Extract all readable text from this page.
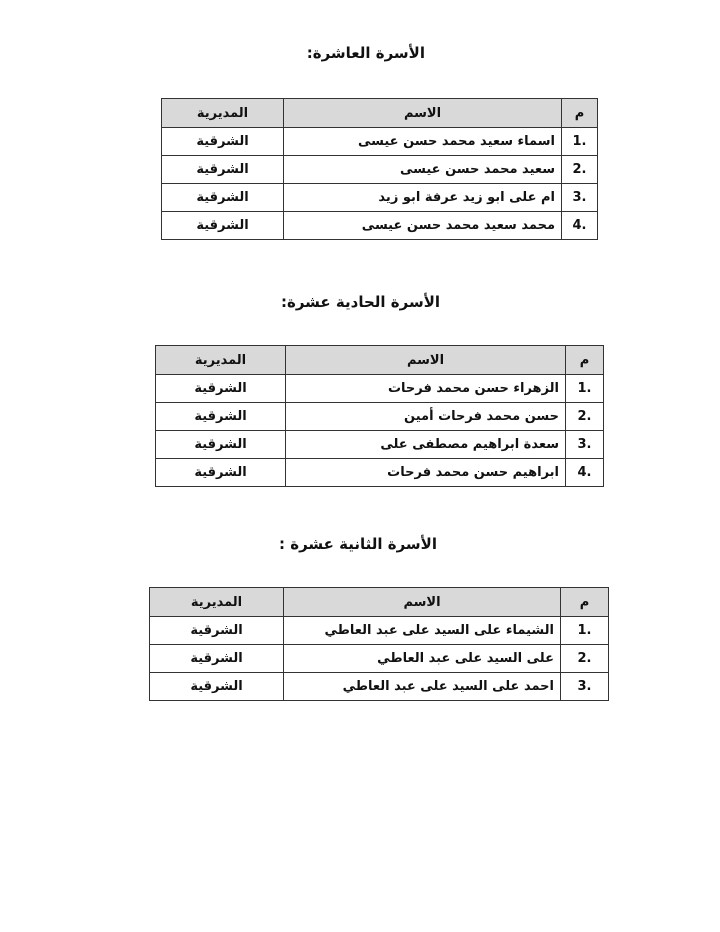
الأسرة العاشرة:
م	الاسم	المديرية
1.	اسماء سعيد محمد حسن عيسى	الشرقية
2.	سعيد محمد حسن عيسى	الشرقية
3.	ام على ابو زيد عرفة ابو زيد	الشرقية
4.	محمد سعيد محمد حسن عيسى	الشرقية
الأسرة الحادية عشرة:
م	الاسم	المديرية
1.	الزهراء حسن محمد فرحات	الشرقية
2.	حسن محمد فرحات أمين	الشرقية
3.	سعدة ابراهيم مصطفى على	الشرقية
4.	ابراهيم حسن محمد فرحات	الشرقية
الأسرة الثانية عشرة :
م	الاسم	المديرية
1.	الشيماء على السيد على عبد العاطي	الشرقية
2.	على السيد على عبد العاطي	الشرقية
3.	احمد على السيد على عبد العاطي	الشرقية
